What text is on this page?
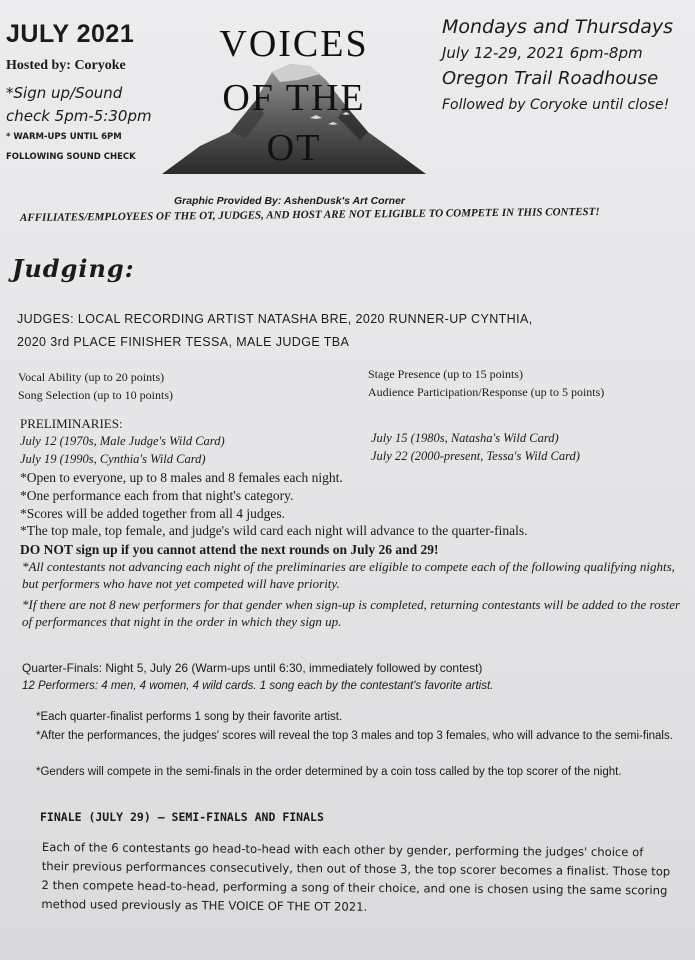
JULY 2021
Hosted by: Coryoke
*Sign up/Sound
check 5pm-5:30pm
* WARM-UPS UNTIL 6PM
FOLLOWING SOUND CHECK
VOICES
OF THE
OT
Mondays and Thursdays
July 12-29, 2021 6pm-8pm
Oregon Trail Roadhouse
Followed by Coryoke until close!
Graphic Provided By: AshenDusk's Art Corner
AFFILIATES/EMPLOYEES OF THE OT, JUDGES, AND HOST ARE NOT ELIGIBLE TO COMPETE IN THIS CONTEST!
Judging:
JUDGES: LOCAL RECORDING ARTIST NATASHA BRE, 2020 RUNNER-UP CYNTHIA,
2020 3rd PLACE FINISHER TESSA, MALE JUDGE TBA
Vocal Ability (up to 20 points)
Song Selection (up to 10 points)
Stage Presence (up to 15 points)
Audience Participation/Response (up to 5 points)
PRELIMINARIES:
July 12 (1970s, Male Judge's Wild Card)
July 19 (1990s, Cynthia's Wild Card)
July 15 (1980s, Natasha's Wild Card)
July 22 (2000-present, Tessa's Wild Card)
*Open to everyone, up to 8 males and 8 females each night.
*One performance each from that night's category.
*Scores will be added together from all 4 judges.
*The top male, top female, and judge's wild card each night will advance to the quarter-finals.
DO NOT sign up if you cannot attend the next rounds on July 26 and 29!
*All contestants not advancing each night of the preliminaries are eligible to compete each of the following qualifying nights, but performers who have not yet competed will have priority.
*If there are not 8 new performers for that gender when sign-up is completed, returning contestants will be added to the roster of performances that night in the order in which they sign up.
Quarter-Finals: Night 5, July 26 (Warm-ups until 6:30, immediately followed by contest)
12 Performers: 4 men, 4 women, 4 wild cards. 1 song each by the contestant's favorite artist.
*Each quarter-finalist performs 1 song by their favorite artist.
*After the performances, the judges' scores will reveal the top 3 males and top 3 females, who will advance to the semi-finals.
*Genders will compete in the semi-finals in the order determined by a coin toss called by the top scorer of the night.
FINALE (JULY 29) – SEMI-FINALS AND FINALS
Each of the 6 contestants go head-to-head with each other by gender, performing the judges' choice of their previous performances consecutively, then out of those 3, the top scorer becomes a finalist. Those top 2 then compete head-to-head, performing a song of their choice, and one is chosen using the same scoring method used previously as THE VOICE OF THE OT 2021.
